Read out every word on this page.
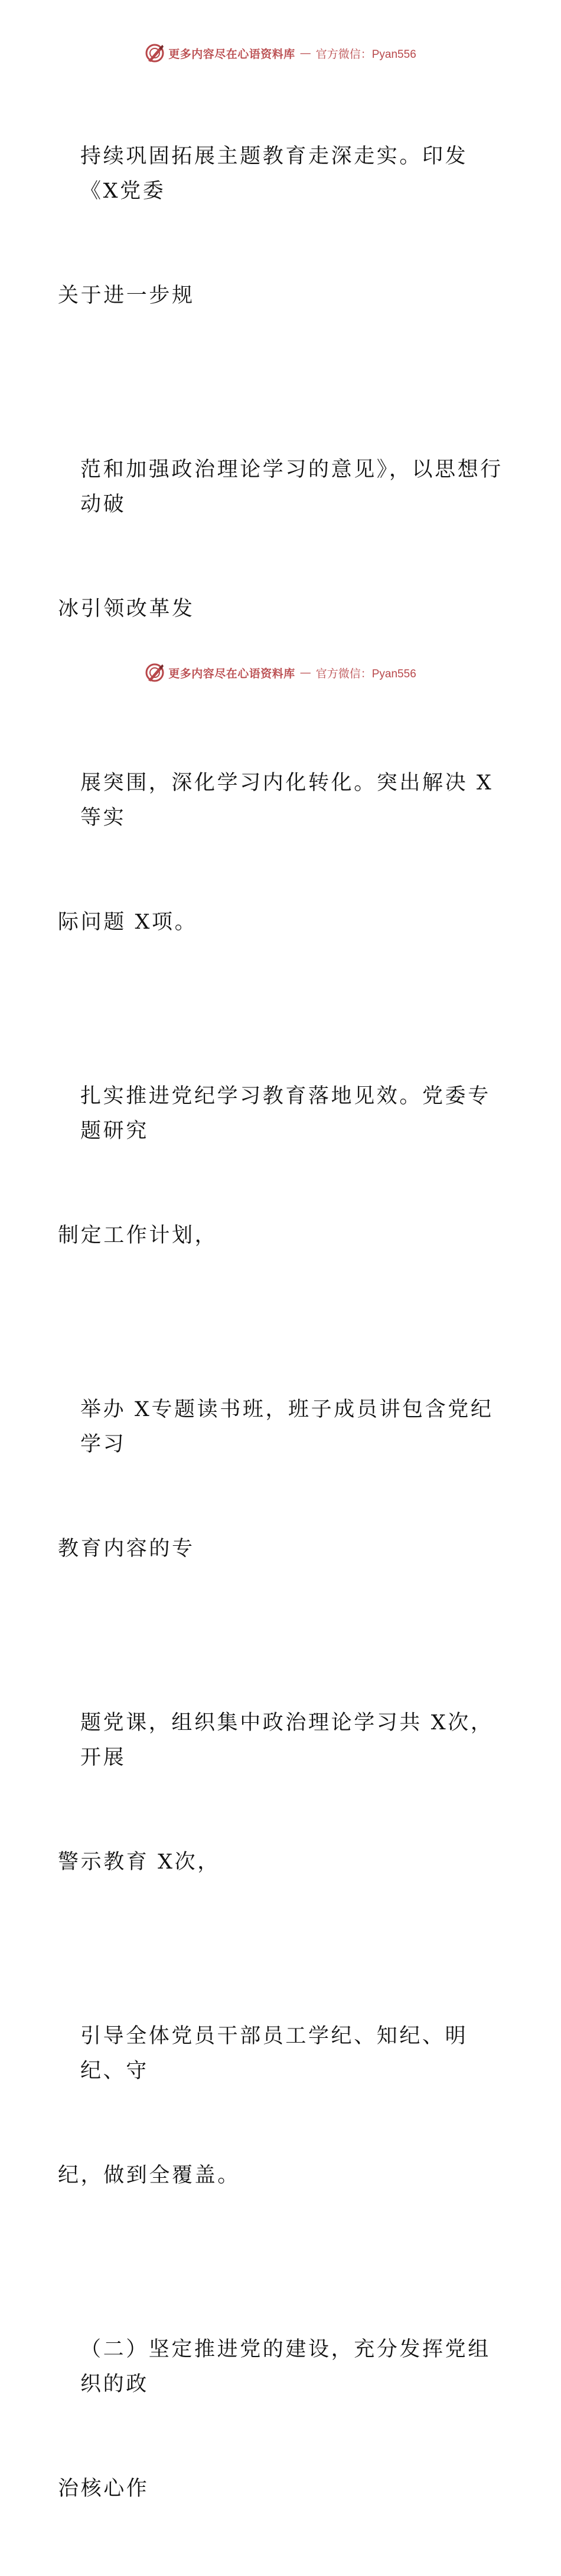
更多内容尽在心语资料库 — 官方微信：Pyan556

持续巩固拓展主题教育走深走实。印发《X党委

关于进一步规

范和加强政治理论学习的意见》，以思想行动破

冰引领改革发

展突围，深化学习内化转化。突出解决 X等实

际问题 X项。

扎实推进党纪学习教育落地见效。党委专题研究

制定工作计划，

举办 X专题读书班，班子成员讲包含党纪学习

教育内容的专

题党课，组织集中政治理论学习共 X次，开展

警示教育 X次，

引导全体党员干部员工学纪、知纪、明纪、守

纪，做到全覆盖。

（二）坚定推进党的建设，充分发挥党组织的政

治核心作

更多内容尽在心语资料库 — 官方微信：Pyan556
